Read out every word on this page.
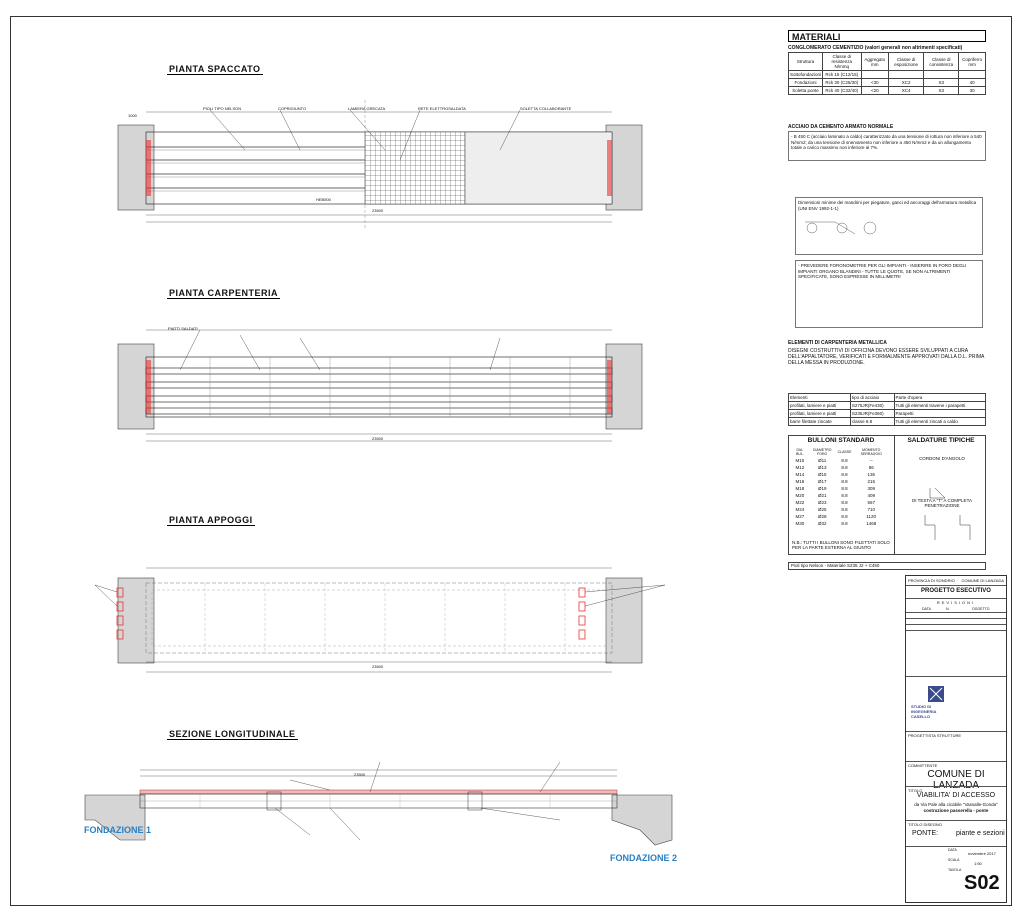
PIANTA SPACCATO
PIOLI TIPO NELSON	COPRIGIUNTO	LAMIERA GRECATA	RETE ELETTROSALDATA	SOLETTA COLLABORANTE
HEB500
23500
1000
PIATTI SALDATI
23500
23500
23500
PIANTA CARPENTERIA
PIANTA APPOGGI
SEZIONE LONGITUDINALE
FONDAZIONE 1
FONDAZIONE 2
MATERIALI
CONGLOMERATO CEMENTIZIO (valori generali non altrimenti specificati)
Struttura	Classe di resistenza N/mmq	Aggregato mm	Classe di esposizione	Classe di consistenza	Copriferro mm
Sottofondazioni	Rck 15 (C12/15)				
Fondazioni	Rck 30 (C25/30)	<30	XC2	S3	40
Soletta ponte	Rck 40 (C32/40)	<20	XC4	S3	30
ACCIAIO DA CEMENTO ARMATO NORMALE
- B 450 C (acciaio laminato a caldo) caratterizzato da una tensione di rottura non inferiore a 540 N/mm2; da una tensione di snervamento non inferiore a 450 N/mm2 e da un allungamento totale a carico massimo non inferiore al 7%.
Dimensioni minime dei mandrini per piegature, ganci ed ancoraggi dell'armatura metallica (UNI ENV 1992-1-1)
- PREVEDERE FORONOMETRIE PER GLI IMPIANTI - INSERIRE IN FORO DEGLI IMPIANTI ORGANO BLANDINI - TUTTE LE QUOTE, SE NON ALTRIMENTI SPECIFICATE, SONO ESPRESSE IN MILLIMETRI
ELEMENTI DI CARPENTERIA METALLICA
DISEGNI COSTRUTTIVI DI OFFICINA DEVONO ESSERE SVILUPPATI A CURA DELL'APPALTATORE, VERIFICATI E FORMALMENTE APPROVATI DALLA D.L. PRIMA DELLA MESSA IN PRODUZIONE.
Elementi	tipo di acciaio	Parte d'opera
profilati, lamiere e piatti	S275JR(Fe430)	Tutti gli elementi travene i parapetti
profilati, lamiere e piatti	S235JR(Fe360)	Parapetti
barre filettate zincate	classe 8.8	Tutti gli elementi zincati a caldo
BULLONI STANDARD	SALDATURE TIPICHE
DIA. BUL.	DIAMETRO FORO	CLASSE	MOMENTO SERRAGGIO
M10	Ø11	8.8	--
M12	Ø13	8.8	86
M14	Ø15	8.8	136
M16	Ø17	8.8	215
M18	Ø19	8.8	309
M20	Ø21	8.8	409
M22	Ø23	8.8	567
M24	Ø25	8.8	710
M27	Ø28	8.8	1120
M30	Ø32	8.8	1468
N.B.: TUTTI I BULLONI SONO FILETTATI SOLO PER LA PARTE ESTERNA AL GIUNTO
CORDONI D'ANGOLO
DI TESTA A "T" A COMPLETA PENETRAZIONE
Pioli tipo Nelson - Materiale S235 J2 + C450
PROVINCIA DI SONDRIO COMUNE DI LANZADA
PROGETTO ESECUTIVO
REVISIONI
DATA	N.	OGGETTO
STUDIO DI INGEGNERIA CASELLO
PROGETTISTA STRUTTURE
COMMITTENTE
COMUNE DI LANZADA
TITOLO
VIABILITA' DI ACCESSO
da Via Pale alla cicabile "Vassalle-Gonda"
costruzione passerella - ponte
TITOLO DISEGNO
PONTE:	piante e sezioni
DATA
novembre 2017
SCALA
1:50
TAVOLA
S02
